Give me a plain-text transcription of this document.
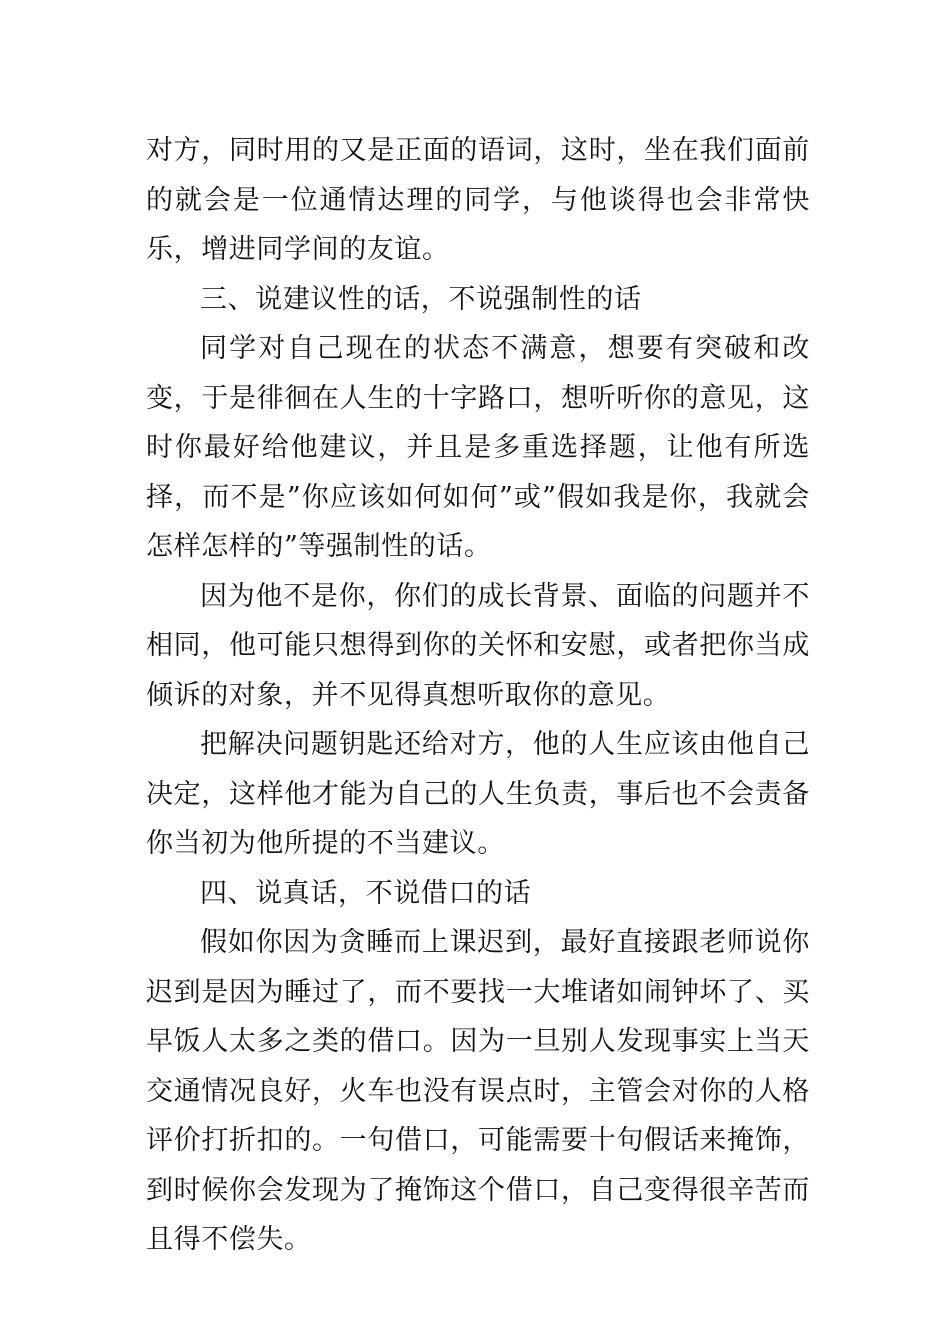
对方，同时用的又是正面的语词，这时，坐在我们面前的就会是一位通情达理的同学，与他谈得也会非常快乐，增进同学间的友谊。

三、说建议性的话，不说强制性的话

同学对自己现在的状态不满意，想要有突破和改变，于是徘徊在人生的十字路口，想听听你的意见，这时你最好给他建议，并且是多重选择题，让他有所选择，而不是”你应该如何如何”或”假如我是你，我就会怎样怎样的”等强制性的话。

因为他不是你，你们的成长背景、面临的问题并不相同，他可能只想得到你的关怀和安慰，或者把你当成倾诉的对象，并不见得真想听取你的意见。

把解决问题钥匙还给对方，他的人生应该由他自己决定，这样他才能为自己的人生负责，事后也不会责备你当初为他所提的不当建议。

四、说真话，不说借口的话

假如你因为贪睡而上课迟到，最好直接跟老师说你迟到是因为睡过了，而不要找一大堆诸如闹钟坏了、买早饭人太多之类的借口。因为一旦别人发现事实上当天交通情况良好，火车也没有误点时，主管会对你的人格评价打折扣的。一句借口，可能需要十句假话来掩饰，到时候你会发现为了掩饰这个借口，自己变得很辛苦而且得不偿失。
